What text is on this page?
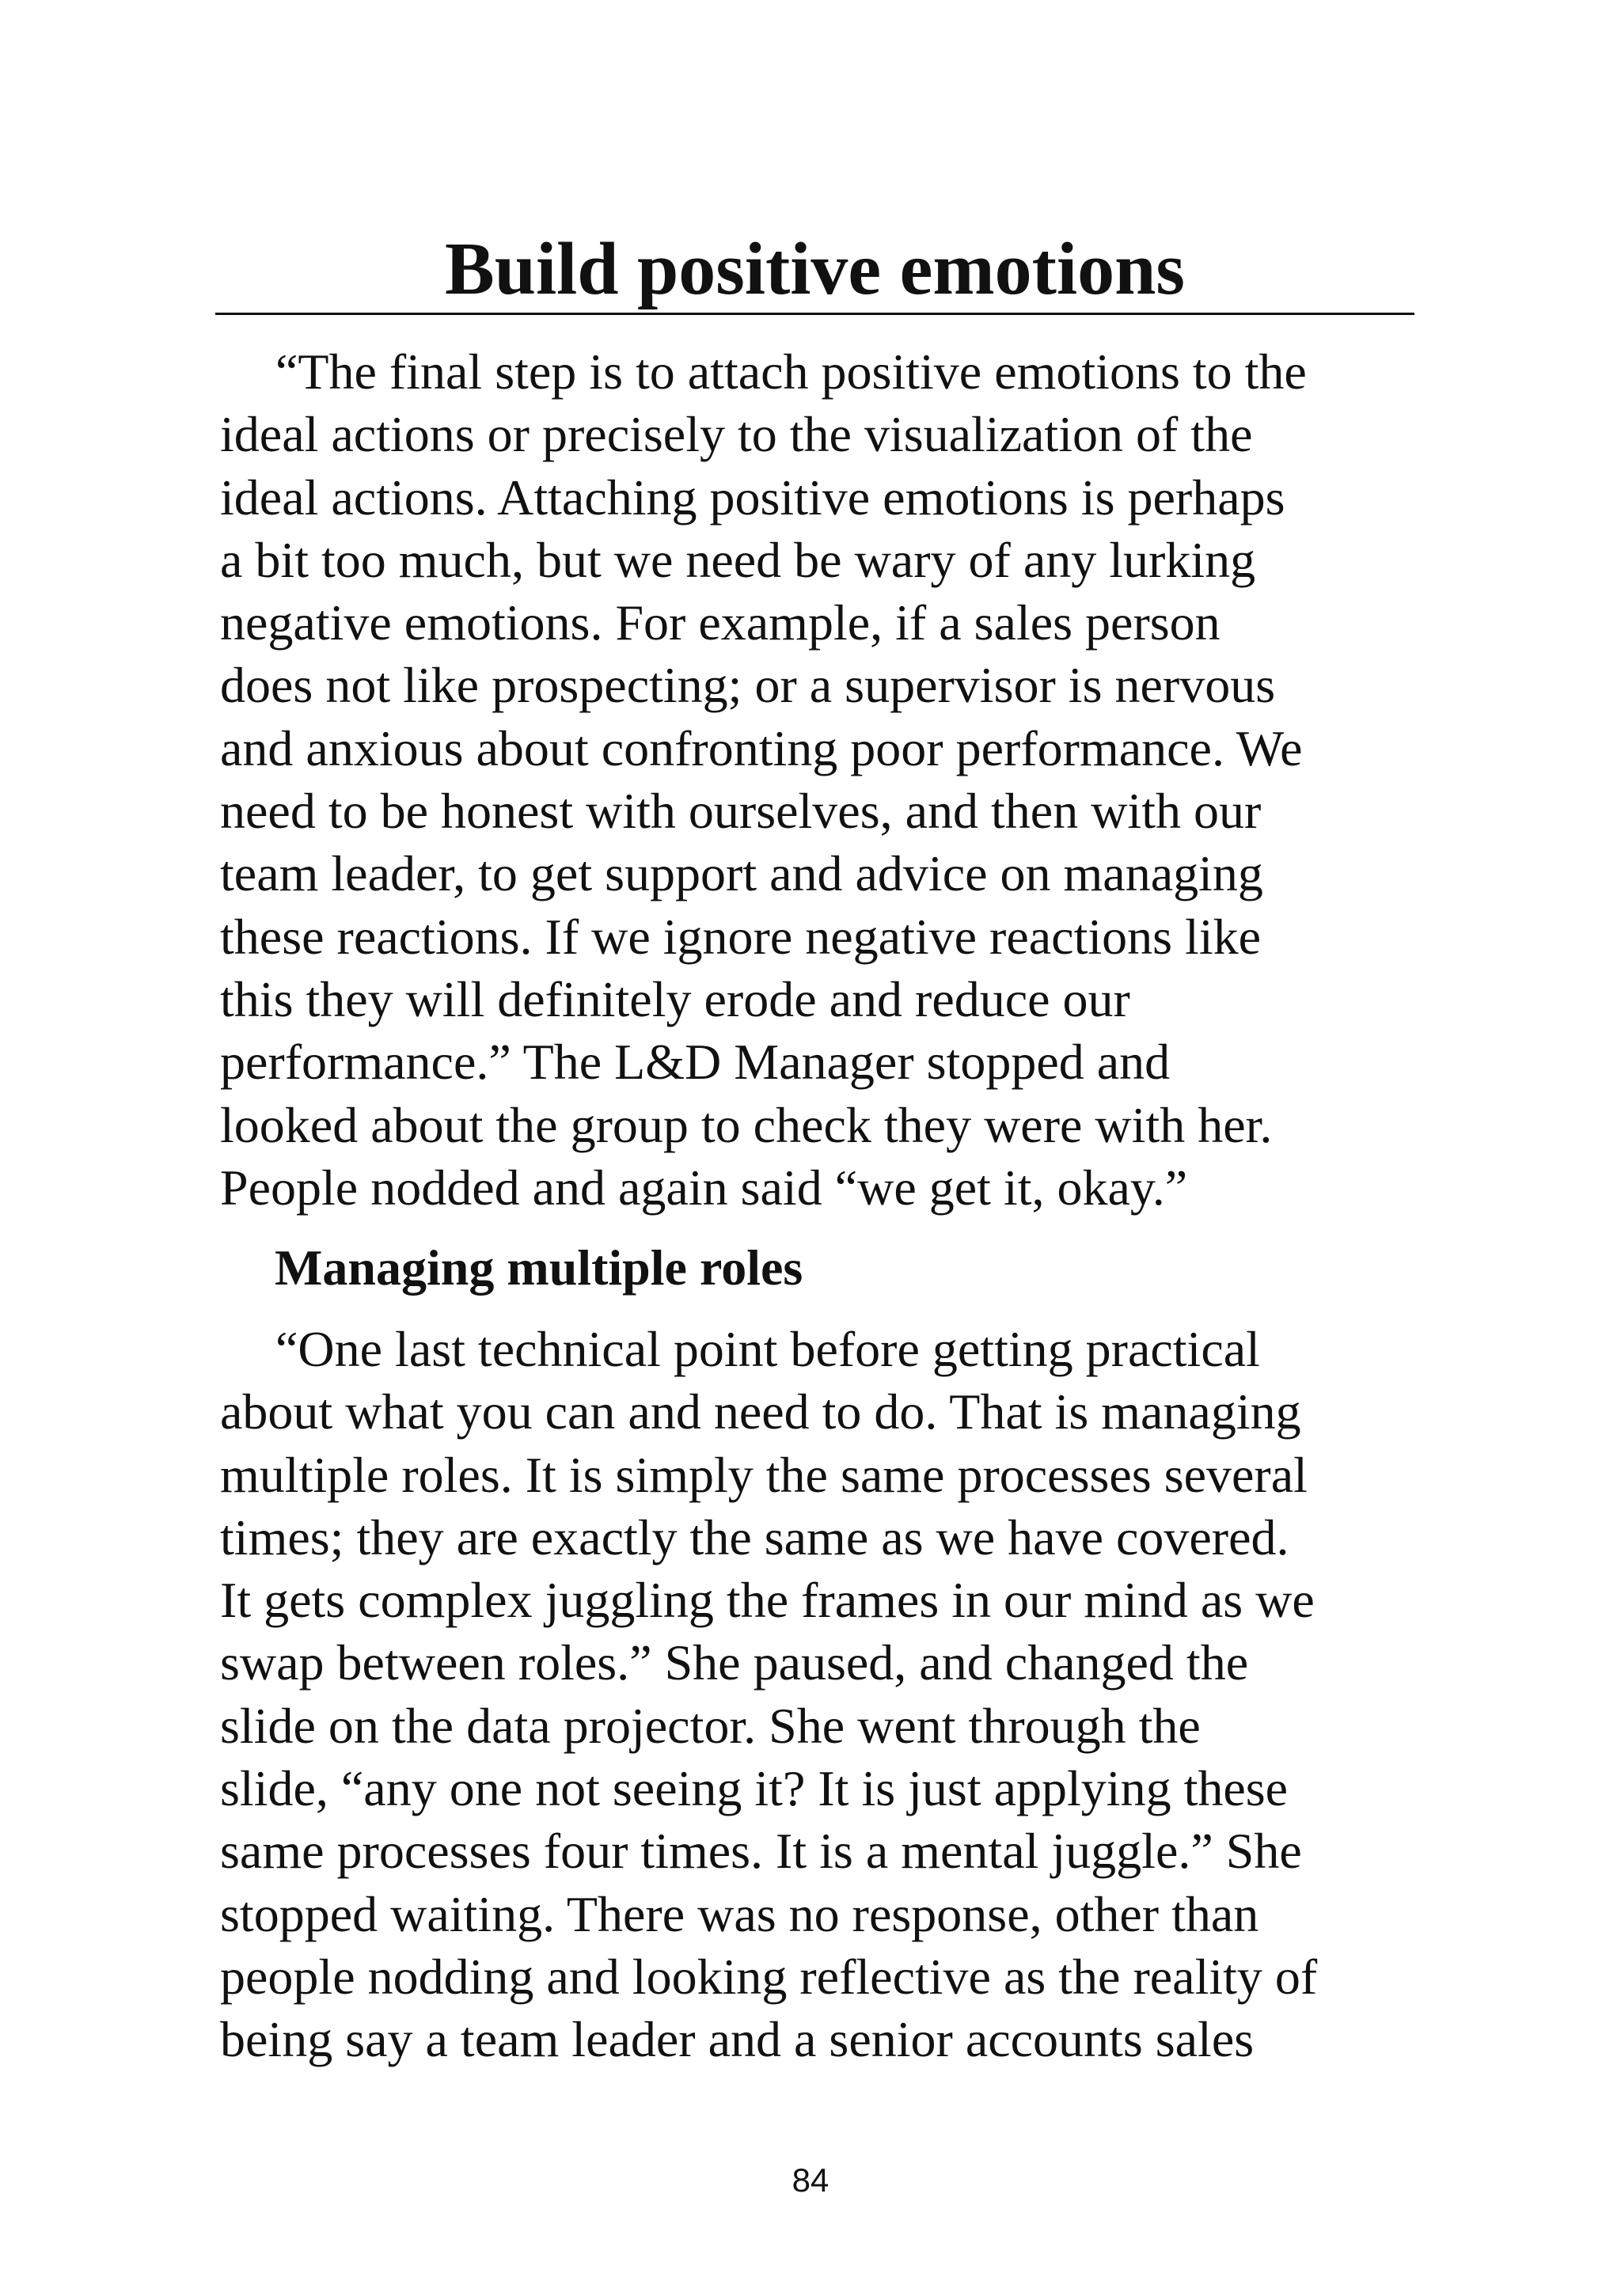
Build positive emotions
“The final step is to attach positive emotions to the
ideal actions or precisely to the visualization of the
ideal actions. Attaching positive emotions is perhaps
a bit too much, but we need be wary of any lurking
negative emotions. For example, if a sales person
does not like prospecting; or a supervisor is nervous
and anxious about confronting poor performance. We
need to be honest with ourselves, and then with our
team leader, to get support and advice on managing
these reactions. If we ignore negative reactions like
this they will definitely erode and reduce our
performance.” The L&D Manager stopped and
looked about the group to check they were with her.
People nodded and again said “we get it, okay.”
Managing multiple roles
“One last technical point before getting practical
about what you can and need to do. That is managing
multiple roles. It is simply the same processes several
times; they are exactly the same as we have covered.
It gets complex juggling the frames in our mind as we
swap between roles.” She paused, and changed the
slide on the data projector. She went through the
slide, “any one not seeing it? It is just applying these
same processes four times. It is a mental juggle.” She
stopped waiting. There was no response, other than
people nodding and looking reflective as the reality of
being say a team leader and a senior accounts sales
84
